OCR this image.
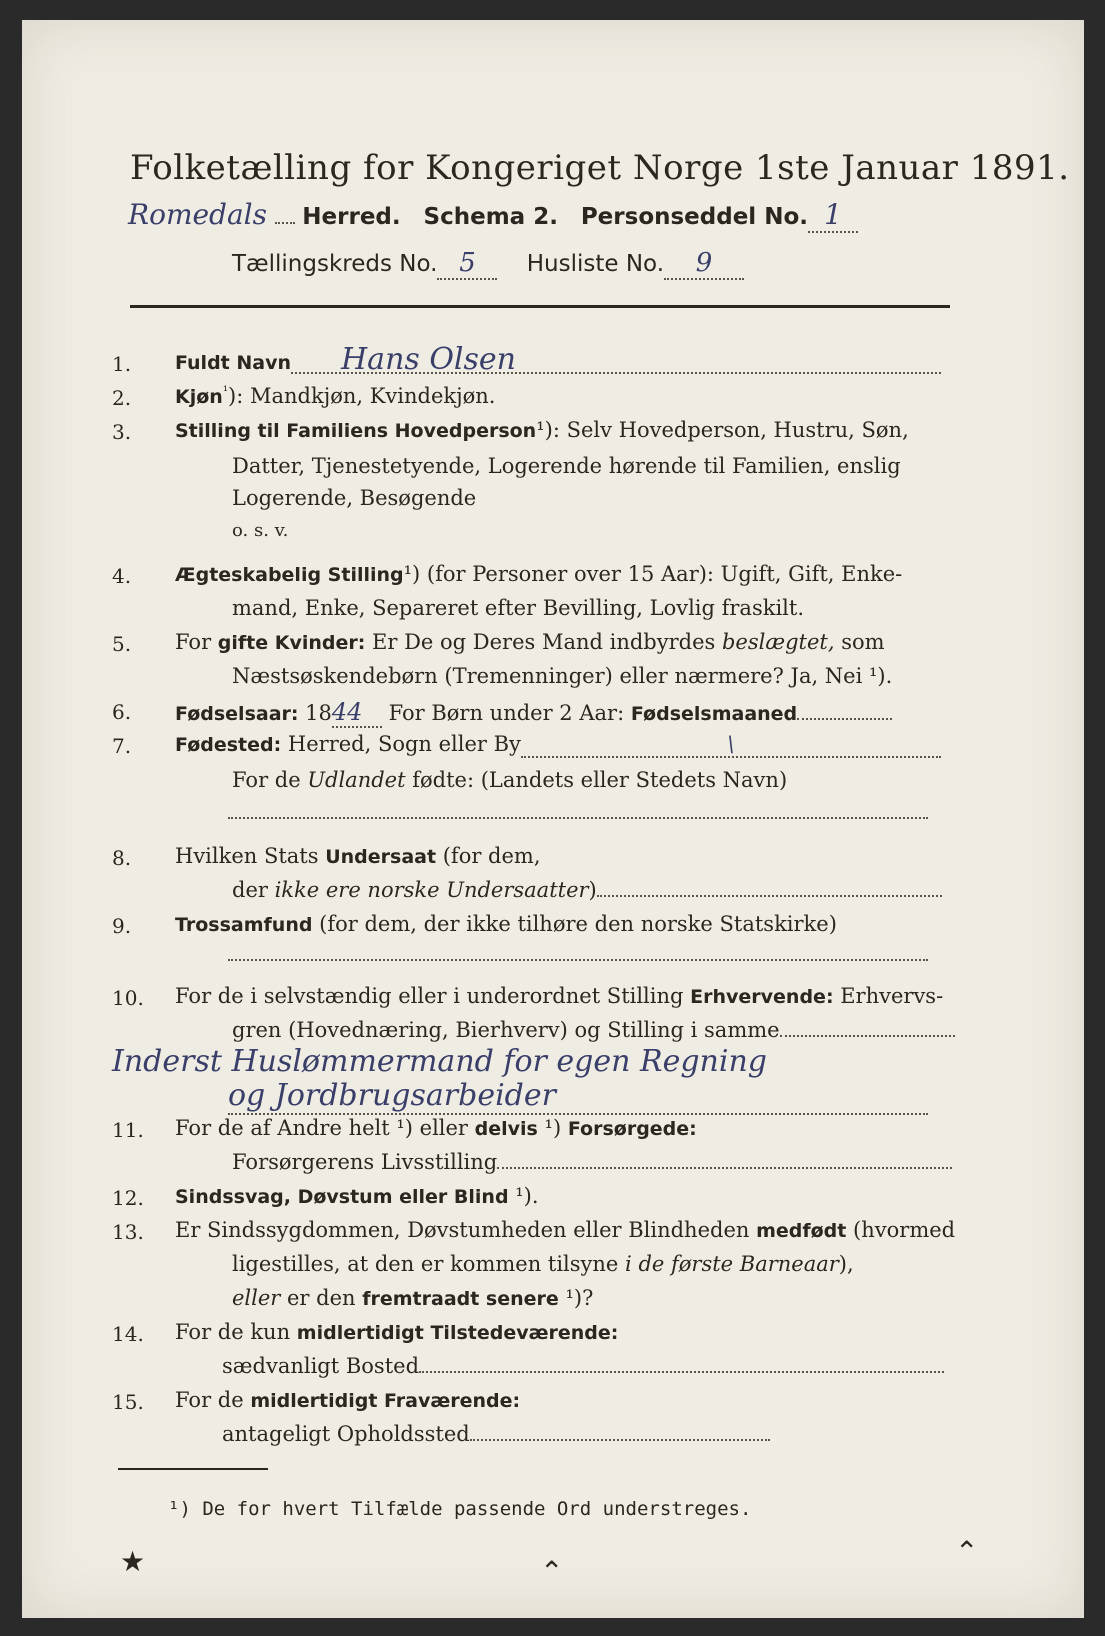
Folketælling for Kongeriget Norge 1ste Januar 1891.
Romedals Herred. Schema 2. Personseddel No. 1
Tællingskreds No. 5 Husliste No. 9
1. Fuldt Navn Hans Olsen
2. Kjøn$^{^1}$): Mandkjøn, Kvindekjøn.
3. Stilling til Familiens Hovedperson¹): Selv Hovedperson, Hustru, Søn,
Datter, Tjenestetyende, Logerende hørende til Familien, enslig
Logerende, Besøgende
o. s. v.
4. Ægteskabelig Stilling¹) (for Personer over 15 Aar): Ugift, Gift, Enke-
mand, Enke, Separeret efter Bevilling, Lovlig fraskilt.
5. For gifte Kvinder: Er De og Deres Mand indbyrdes beslægtet, som
Næstsøskendebørn (Tremenninger) eller nærmere? Ja, Nei ¹).
6. Fødselsaar: 1844 For Børn under 2 Aar: Fødselsmaaned
7. Fødested: Herred, Sogn eller By	\
For de Udlandet fødte: (Landets eller Stedets Navn)
8. Hvilken Stats Undersaat (for dem,
der ikke ere norske Undersaatter)
9. Trossamfund (for dem, der ikke tilhøre den norske Statskirke)
10. For de i selvstændig eller i underordnet Stilling Erhvervende: Erhvervs-
gren (Hovednæring, Bierhverv) og Stilling i samme
Inderst Huslømmermand for egen Regning
og Jordbrugsarbeider
11. For de af Andre helt ¹) eller delvis ¹) Forsørgede:
Forsørgerens Livsstilling
12. Sindssvag, Døvstum eller Blind ¹).
13. Er Sindssygdommen, Døvstumheden eller Blindheden medfødt (hvormed
ligestilles, at den er kommen tilsyne i de første Barneaar),
eller er den fremtraadt senere ¹)?
14. For de kun midlertidigt Tilstedeværende:
sædvanligt Bosted
15. For de midlertidigt Fraværende:
antageligt Opholdssted
¹) De for hvert Tilfælde passende Ord understreges.
★	⌃
⌃
